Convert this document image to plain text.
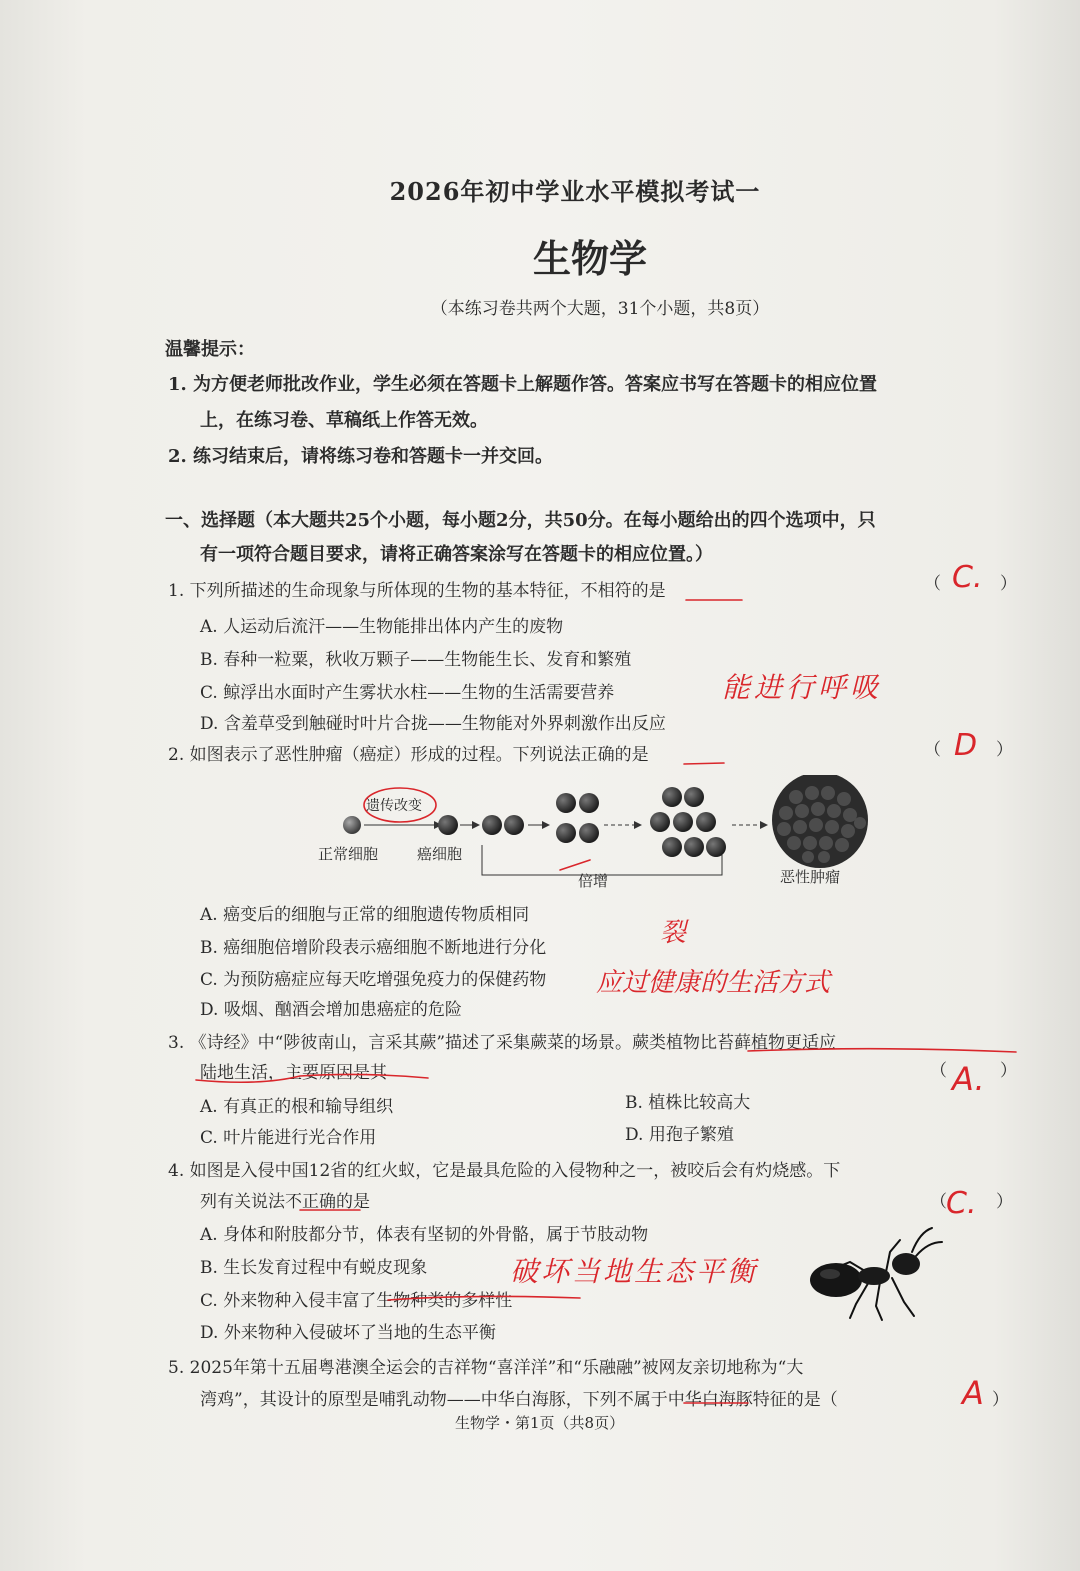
2026年初中学业水平模拟考试一
生物学
（本练习卷共两个大题，31个小题，共8页）
温馨提示：
1. 为方便老师批改作业，学生必须在答题卡上解题作答。答案应书写在答题卡的相应位置
上，在练习卷、草稿纸上作答无效。
2. 练习结束后，请将练习卷和答题卡一并交回。
一、选择题（本大题共25个小题，每小题2分，共50分。在每小题给出的四个选项中，只
有一项符合题目要求，请将正确答案涂写在答题卡的相应位置。）
1. 下列所描述的生命现象与所体现的生物的基本特征，不相符的是	（ C. ）
A. 人运动后流汗——生物能排出体内产生的废物
B. 春种一粒粟，秋收万颗子——生物能生长、发育和繁殖
C. 鲸浮出水面时产生雾状水柱——生物的生活需要营养	能进行呼吸
D. 含羞草受到触碰时叶片合拢——生物能对外界刺激作出反应
2. 如图表示了恶性肿瘤（癌症）形成的过程。下列说法正确的是	（ D ）
遗传改变
正常细胞	癌细胞
倍增	恶性肿瘤
A. 癌变后的细胞与正常的细胞遗传物质相同
B. 癌细胞倍增阶段表示癌细胞不断地进行分化	裂
C. 为预防癌症应每天吃增强免疫力的保健药物 应过健康的生活方式
D. 吸烟、酗酒会增加患癌症的危险
3. 《诗经》中“陟彼南山，言采其蕨”描述了采集蕨菜的场景。蕨类植物比苔藓植物更适应
陆地生活，主要原因是其	（ A. ）
A. 有真正的根和输导组织	B. 植株比较高大
C. 叶片能进行光合作用	D. 用孢子繁殖
4. 如图是入侵中国12省的红火蚁，它是最具危险的入侵物种之一，被咬后会有灼烧感。下
列有关说法不正确的是	（ C. ）
A. 身体和附肢都分节，体表有坚韧的外骨骼，属于节肢动物
B. 生长发育过程中有蜕皮现象
C. 外来物种入侵丰富了生物种类的多样性
破坏当地生态平衡
D. 外来物种入侵破坏了当地的生态平衡
5. 2025年第十五届粤港澳全运会的吉祥物“喜洋洋”和“乐融融”被网友亲切地称为“大
湾鸡”，其设计的原型是哺乳动物——中华白海豚，下列不属于中华白海豚特征的是（	A ）
生物学・第1页（共8页）
